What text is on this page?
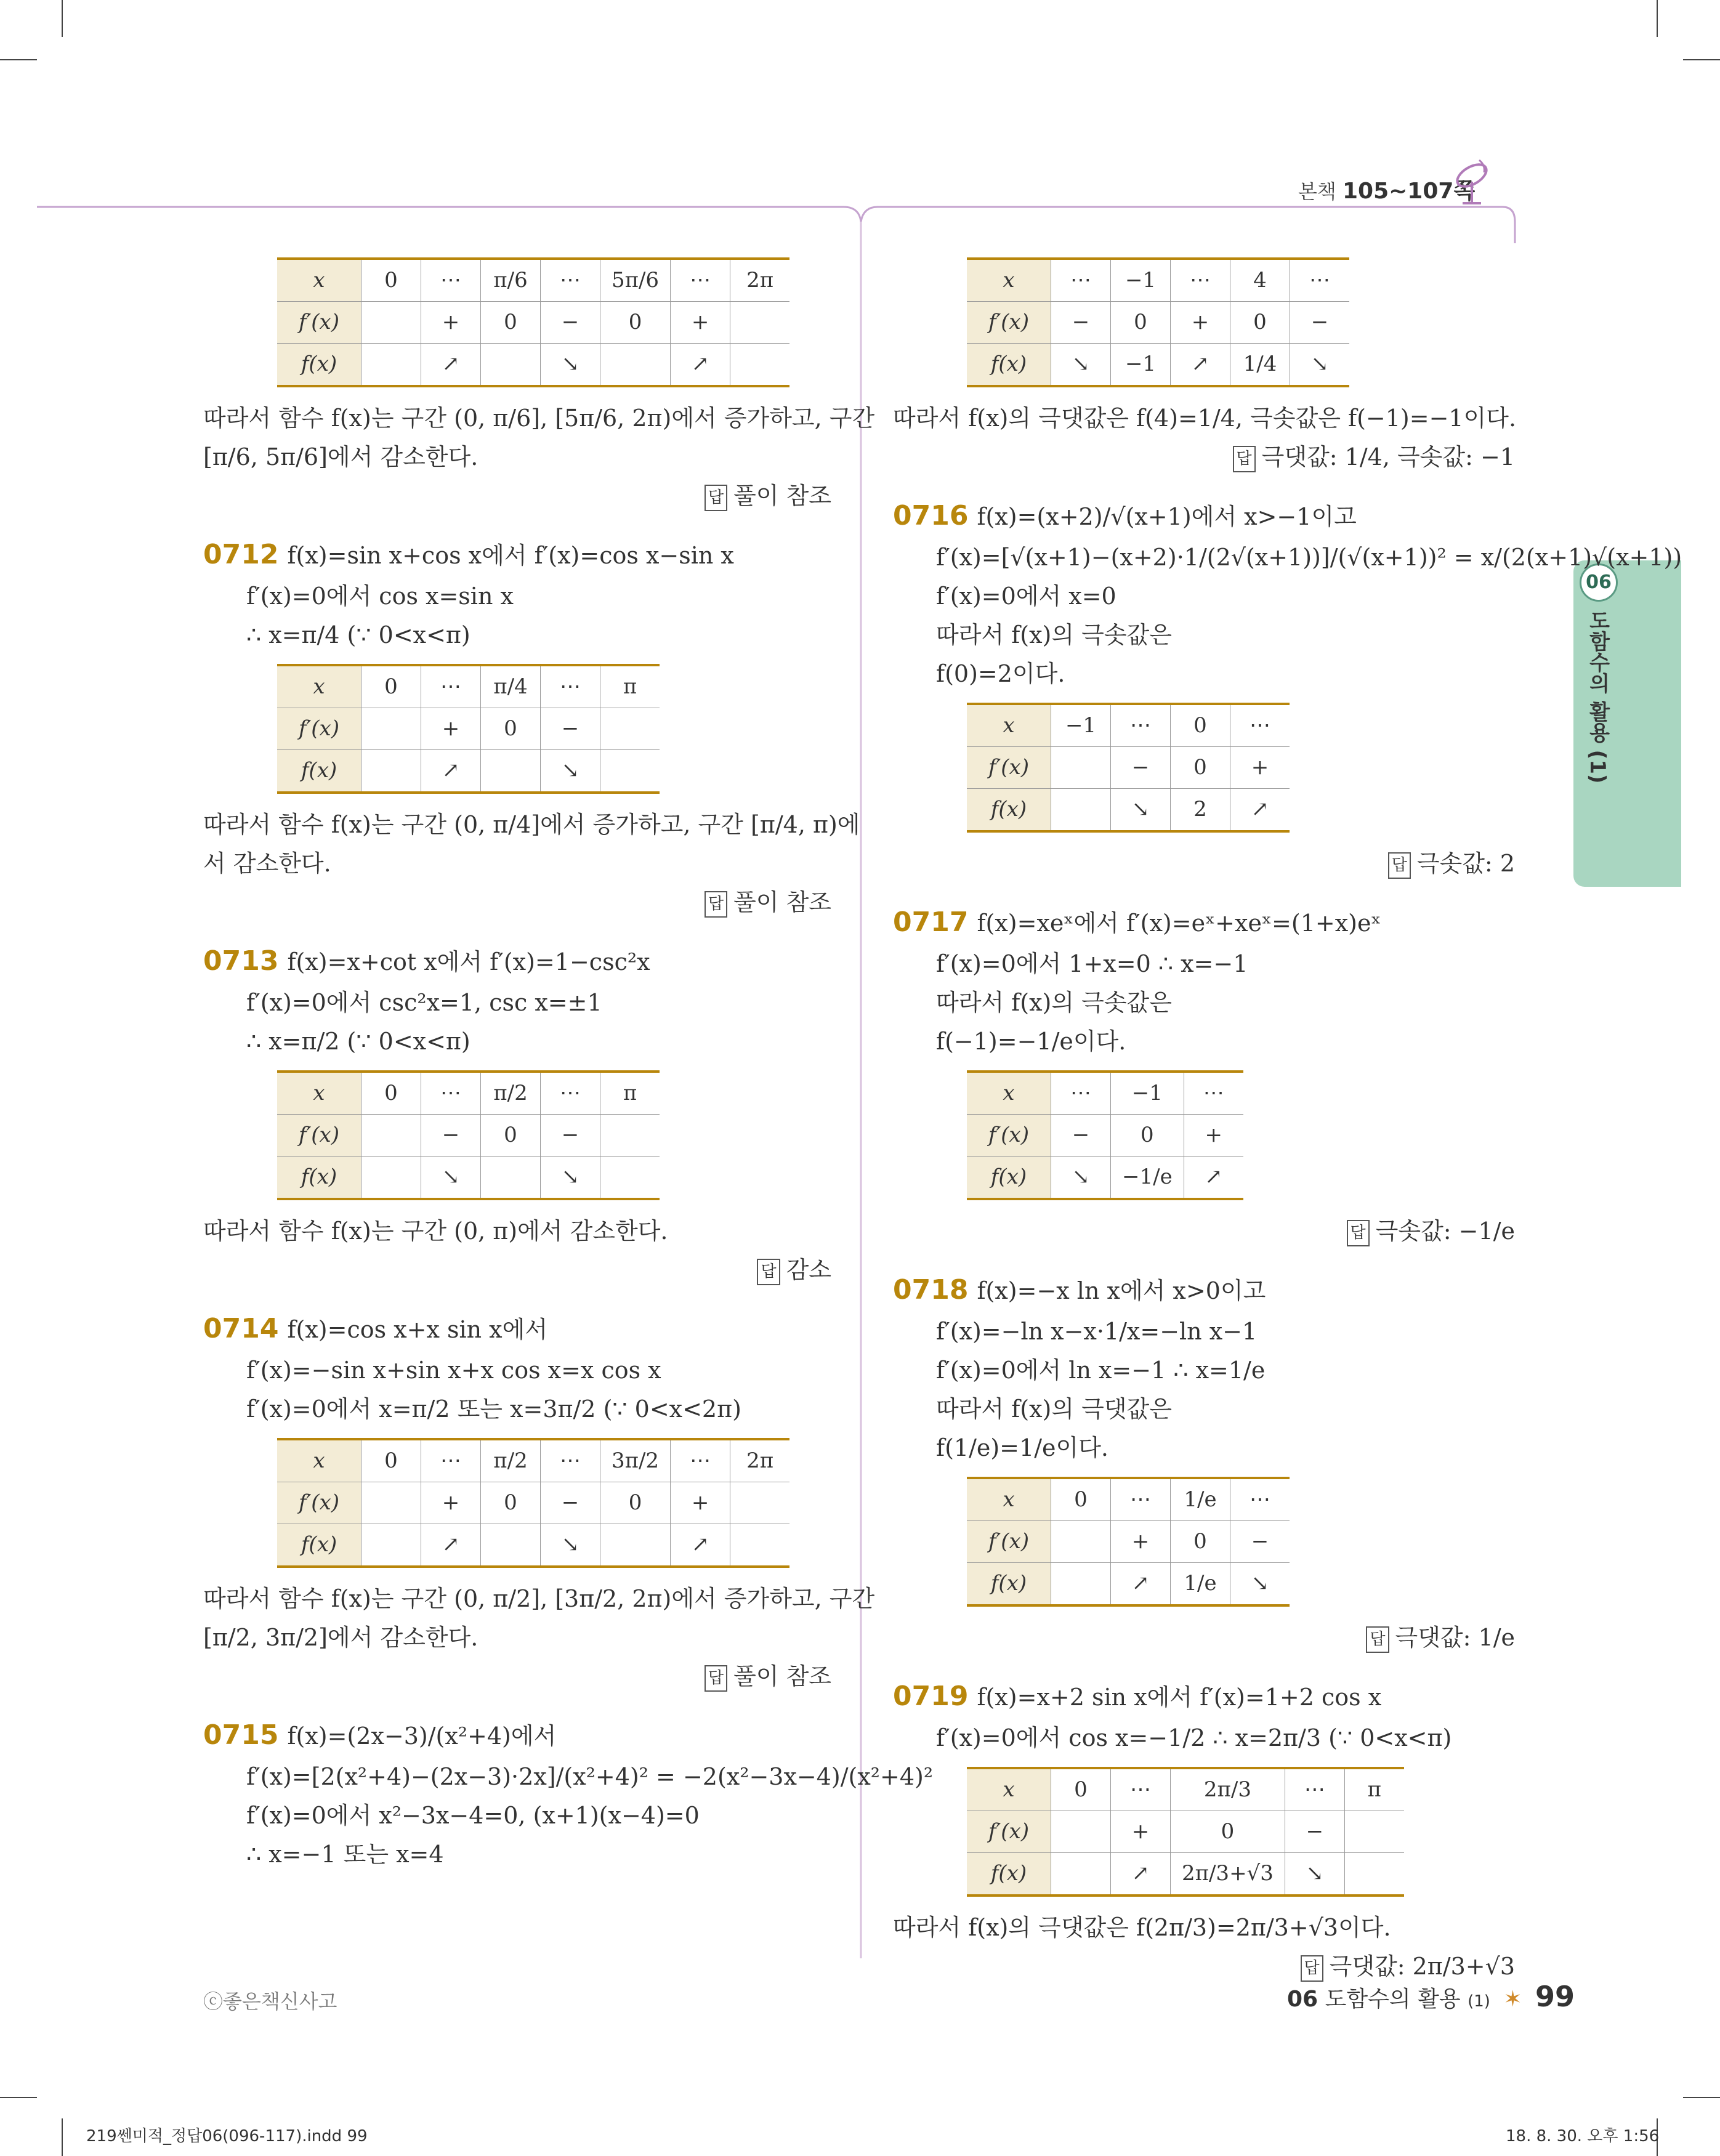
본책 105~107쪽
06
도함수의 활용 (1)
x	0	⋯	π/6	⋯	5π/6	⋯	2π
f′(x)		+	0	−	0	+	
f(x)		↗		↘		↗	
따라서 함수 f(x)는 구간 (0, π/6], [5π/6, 2π)에서 증가하고, 구간
[π/6, 5π/6]에서 감소한다.
답 풀이 참조
0712 f(x)=sin x+cos x에서 f′(x)=cos x−sin x
f′(x)=0에서 cos x=sin x
∴ x=π/4 (∵ 0<x<π)
x	0	⋯	π/4	⋯	π
f′(x)		+	0	−	
f(x)		↗		↘	
따라서 함수 f(x)는 구간 (0, π/4]에서 증가하고, 구간 [π/4, π)에
서 감소한다.
답 풀이 참조
0713 f(x)=x+cot x에서 f′(x)=1−csc²x
f′(x)=0에서 csc²x=1, csc x=±1
∴ x=π/2 (∵ 0<x<π)
x	0	⋯	π/2	⋯	π
f′(x)		−	0	−	
f(x)		↘		↘	
따라서 함수 f(x)는 구간 (0, π)에서 감소한다.
답 감소
0714 f(x)=cos x+x sin x에서
f′(x)=−sin x+sin x+x cos x=x cos x
f′(x)=0에서 x=π/2 또는 x=3π/2 (∵ 0<x<2π)
x	0	⋯	π/2	⋯	3π/2	⋯	2π
f′(x)		+	0	−	0	+	
f(x)		↗		↘		↗	
따라서 함수 f(x)는 구간 (0, π/2], [3π/2, 2π)에서 증가하고, 구간
[π/2, 3π/2]에서 감소한다.
답 풀이 참조
0715 f(x)=(2x−3)/(x²+4)에서
f′(x)=[2(x²+4)−(2x−3)·2x]/(x²+4)² = −2(x²−3x−4)/(x²+4)²
f′(x)=0에서 x²−3x−4=0, (x+1)(x−4)=0
∴ x=−1 또는 x=4
x	⋯	−1	⋯	4	⋯
f′(x)	−	0	+	0	−
f(x)	↘	−1	↗	1/4	↘
따라서 f(x)의 극댓값은 f(4)=1/4, 극솟값은 f(−1)=−1이다.
답 극댓값: 1/4, 극솟값: −1
0716 f(x)=(x+2)/√(x+1)에서 x>−1이고
f′(x)=[√(x+1)−(x+2)·1/(2√(x+1))]/(√(x+1))² = x/(2(x+1)√(x+1))
f′(x)=0에서 x=0
따라서 f(x)의 극솟값은
f(0)=2이다.
x	−1	⋯	0	⋯
f′(x)		−	0	+
f(x)		↘	2	↗
답 극솟값: 2
0717 f(x)=xeˣ에서 f′(x)=eˣ+xeˣ=(1+x)eˣ
f′(x)=0에서 1+x=0 ∴ x=−1
따라서 f(x)의 극솟값은
f(−1)=−1/e이다.
x	⋯	−1	⋯
f′(x)	−	0	+
f(x)	↘	−1/e	↗
답 극솟값: −1/e
0718 f(x)=−x ln x에서 x>0이고
f′(x)=−ln x−x·1/x=−ln x−1
f′(x)=0에서 ln x=−1 ∴ x=1/e
따라서 f(x)의 극댓값은
f(1/e)=1/e이다.
x	0	⋯	1/e	⋯
f′(x)		+	0	−
f(x)		↗	1/e	↘
답 극댓값: 1/e
0719 f(x)=x+2 sin x에서 f′(x)=1+2 cos x
f′(x)=0에서 cos x=−1/2 ∴ x=2π/3 (∵ 0<x<π)
x	0	⋯	2π/3	⋯	π
f′(x)		+	0	−	
f(x)		↗	2π/3+√3	↘	
따라서 f(x)의 극댓값은 f(2π/3)=2π/3+√3이다.
답 극댓값: 2π/3+√3
ⓒ좋은책신사고	06 도함수의 활용 (1) ✶ 99
219쎈미적_정답06(096-117).indd 99	18. 8. 30. 오후 1:56
